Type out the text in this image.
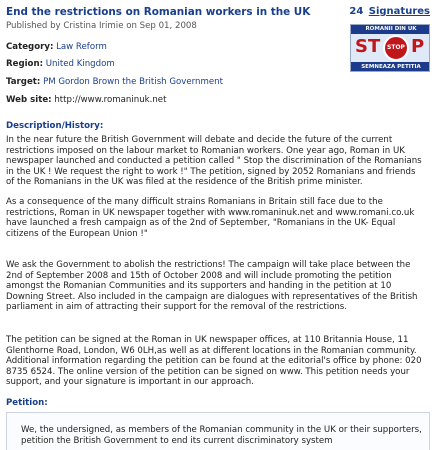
End the restrictions on Romanian workers in the UK
Published by Cristina Irimie on Sep 01, 2008
24 Signatures
ROMANII DIN UK
ST	STOP P
SEMNEAZA PETITIA
Category: Law Reform
Region: United Kingdom
Target: PM Gordon Brown the British Government
Web site: http://www.romaninuk.net
Description/History:
In the near future the British Government will debate and decide the future of the current restrictions imposed on the labour market to Romanian workers. One year ago, Roman in UK newspaper launched and conducted a petition called " Stop the discrimination of the Romanians in the UK ! We request the right to work !" The petition, signed by 2052 Romanians and friends of the Romanians in the UK was filed at the residence of the British prime minister.
As a consequence of the many difficult strains Romanians in Britain still face due to the restrictions, Roman in UK newspaper together with www.romaninuk.net and www.romani.co.uk have launched a fresh campaign as of the 2nd of September, "Romanians in the UK- Equal citizens of the European Union !"
We ask the Government to abolish the restrictions! The campaign will take place between the 2nd of September 2008 and 15th of October 2008 and will include promoting the petition amongst the Romanian Communities and its supporters and handing in the petition at 10 Downing Street. Also included in the campaign are dialogues with representatives of the British parliament in aim of attracting their support for the removal of the restrictions.
The petition can be signed at the Roman in UK newspaper offices, at 110 Britannia House, 11 Glenthorne Road, London, W6 0LH,as well as at different locations in the Romanian community. Additional information regarding the petition can be found at the editorial's office by phone: 020 8735 6524. The online version of the petition can be signed on www. This petition needs your support, and your signature is important in our approach.
Petition:
We, the undersigned, as members of the Romanian community in the UK or their supporters, petition the British Government to end its current discriminatory system
